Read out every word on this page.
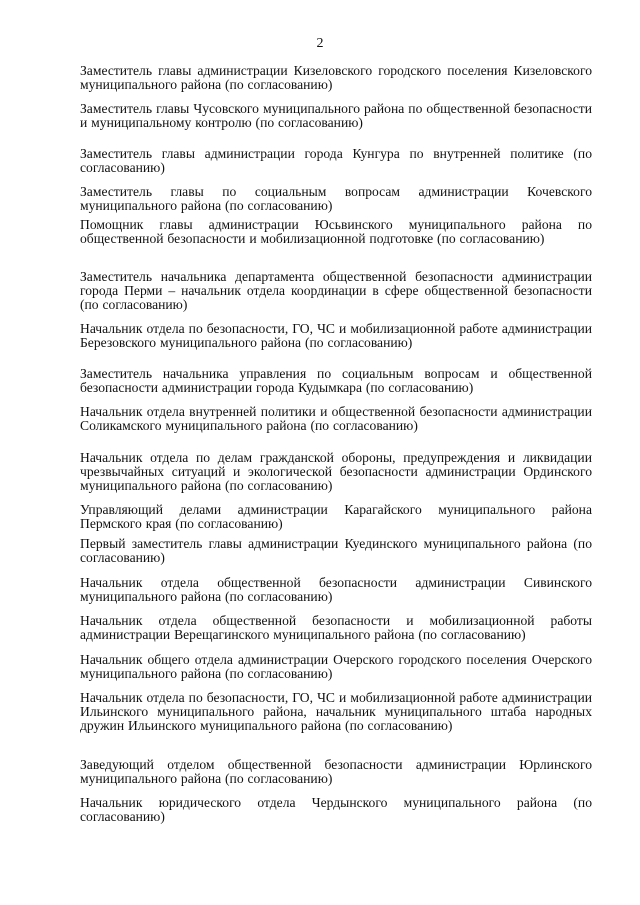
2
Заместитель главы администрации Кизеловского городского поселения Кизеловского муниципального района (по согласованию)
Заместитель главы Чусовского муниципального района по общественной безопасности и муниципальному контролю (по согласованию)
Заместитель главы администрации города Кунгура по внутренней политике (по согласованию)
Заместитель главы по социальным вопросам администрации Кочевского муниципального района (по согласованию)
Помощник главы администрации Юсьвинского муниципального района по общественной безопасности и мобилизационной подготовке (по согласованию)
Заместитель начальника департамента общественной безопасности администрации города Перми – начальник отдела координации в сфере общественной безопасности (по согласованию)
Начальник отдела по безопасности, ГО, ЧС и мобилизационной работе администрации Березовского муниципального района (по согласованию)
Заместитель начальника управления по социальным вопросам и общественной безопасности администрации города Кудымкара (по согласованию)
Начальник отдела внутренней политики и общественной безопасности администрации Соликамского муниципального района (по согласованию)
Начальник отдела по делам гражданской обороны, предупреждения и ликвидации чрезвычайных ситуаций и экологической безопасности администрации Ординского муниципального района (по согласованию)
Управляющий делами администрации Карагайского муниципального района Пермского края (по согласованию)
Первый заместитель главы администрации Куединского муниципального района (по согласованию)
Начальник отдела общественной безопасности администрации Сивинского муниципального района (по согласованию)
Начальник отдела общественной безопасности и мобилизационной работы администрации Верещагинского муниципального района (по согласованию)
Начальник общего отдела администрации Очерского городского поселения Очерского муниципального района (по согласованию)
Начальник отдела по безопасности, ГО, ЧС и мобилизационной работе администрации Ильинского муниципального района, начальник муниципального штаба народных дружин Ильинского муниципального района (по согласованию)
Заведующий отделом общественной безопасности администрации Юрлинского муниципального района (по согласованию)
Начальник юридического отдела Чердынского муниципального района (по согласованию)
